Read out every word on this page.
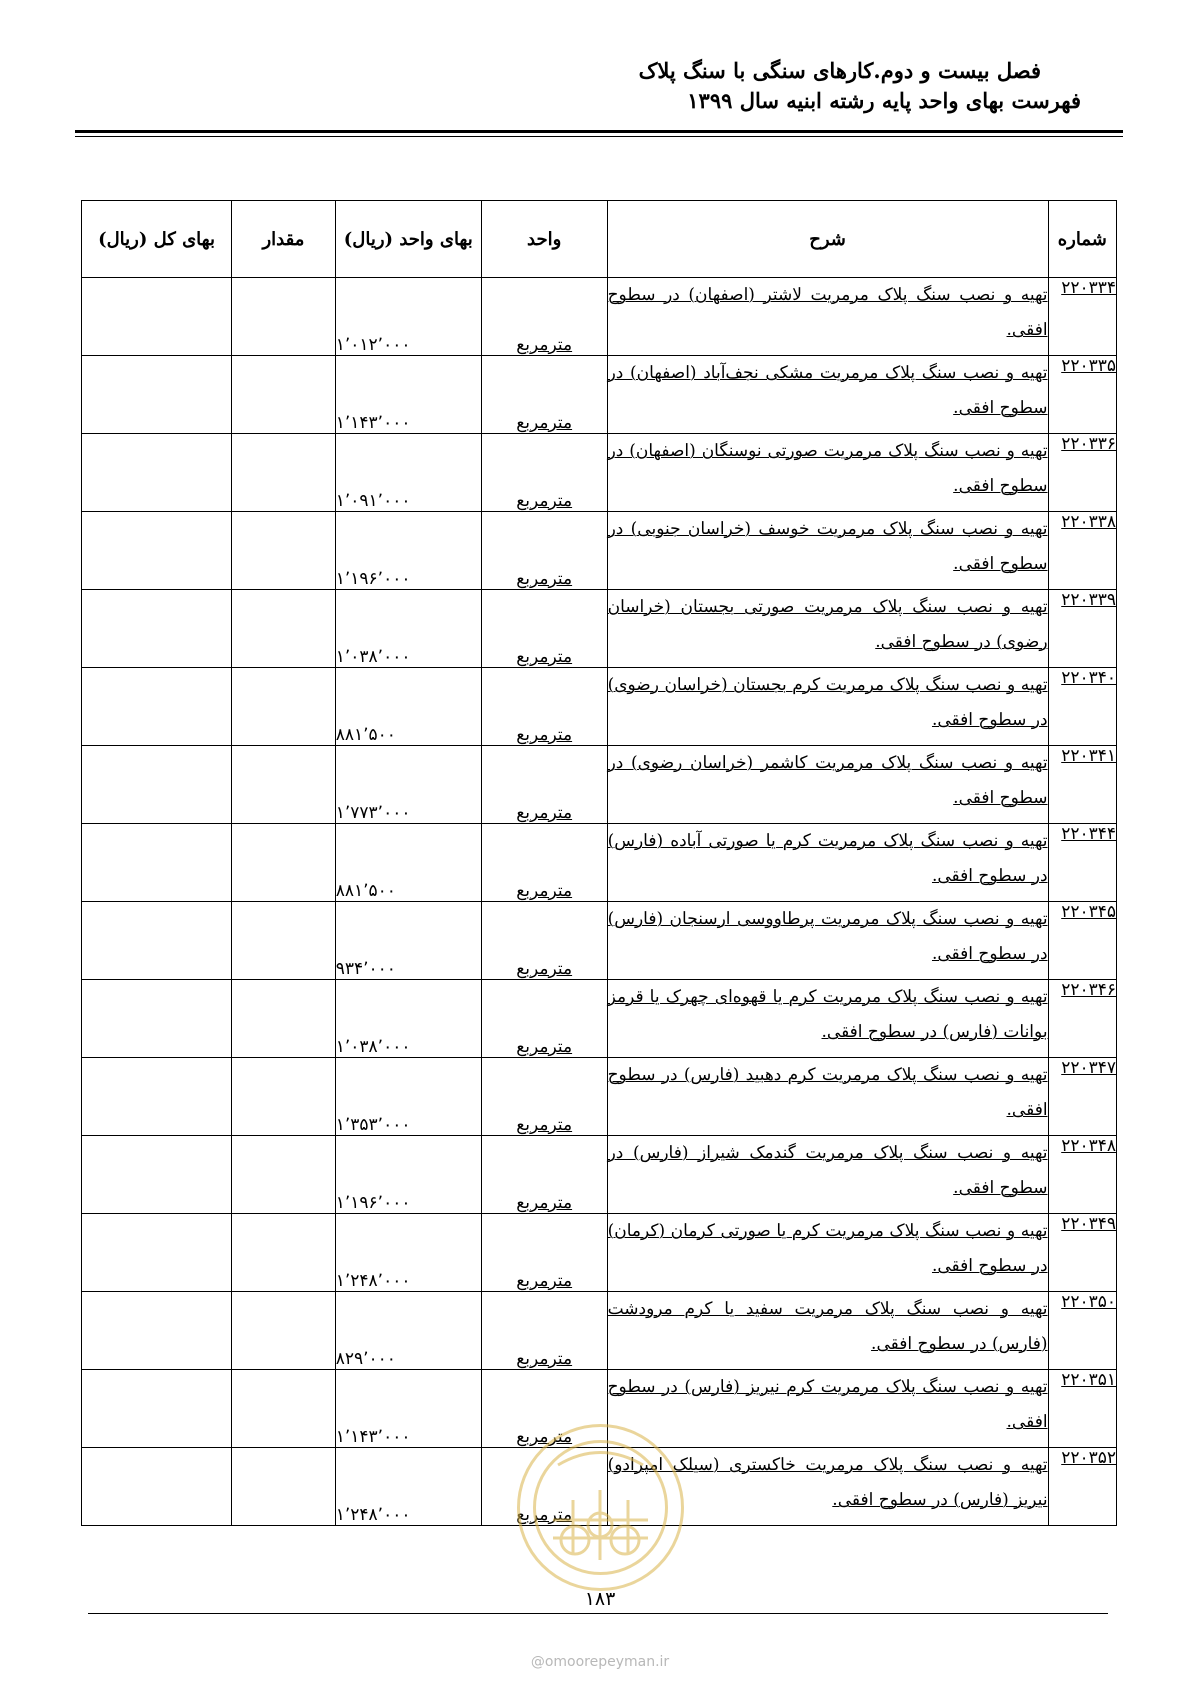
فصل بیست و دوم.کارهای سنگی با سنگ پلاک
فهرست بهای واحد پایه رشته ابنیه سال ۱۳۹۹
شماره	شرح	واحد	بهای واحد (ریال)	مقدار	بهای کل (ریال)
۲۲۰۳۳۴	تهیه و نصب سنگ پلاک مرمریت لاشتر (اصفهان) در سطوح افقی.	مترمربع	۱٬۰۱۲٬۰۰۰		
۲۲۰۳۳۵	تهیه و نصب سنگ پلاک مرمریت مشکی نجف‌آباد (اصفهان) در سطوح افقی.	مترمربع	۱٬۱۴۳٬۰۰۰		
۲۲۰۳۳۶	تهیه و نصب سنگ پلاک مرمریت صورتی نوسنگان (اصفهان) در سطوح افقی.	مترمربع	۱٬۰۹۱٬۰۰۰		
۲۲۰۳۳۸	تهیه و نصب سنگ پلاک مرمریت خوسف (خراسان جنوبی) در سطوح افقی.	مترمربع	۱٬۱۹۶٬۰۰۰		
۲۲۰۳۳۹	تهیه و نصب سنگ پلاک مرمریت صورتی بجستان (خراسان رضوی) در سطوح افقی.	مترمربع	۱٬۰۳۸٬۰۰۰		
۲۲۰۳۴۰	تهیه و نصب سنگ پلاک مرمریت کرم بجستان (خراسان رضوی) در سطوح افقی.	مترمربع	۸۸۱٬۵۰۰		
۲۲۰۳۴۱	تهیه و نصب سنگ پلاک مرمریت کاشمر (خراسان رضوی) در سطوح افقی.	مترمربع	۱٬۷۷۳٬۰۰۰		
۲۲۰۳۴۴	تهیه و نصب سنگ پلاک مرمریت کرم یا صورتی آباده (فارس) در سطوح افقی.	مترمربع	۸۸۱٬۵۰۰		
۲۲۰۳۴۵	تهیه و نصب سنگ پلاک مرمریت پرطاووسی ارسنجان (فارس) در سطوح افقی.	مترمربع	۹۳۴٬۰۰۰		
۲۲۰۳۴۶	تهیه و نصب سنگ پلاک مرمریت کرم یا قهوه‌ای چهرک یا قرمز بوانات (فارس) در سطوح افقی.	مترمربع	۱٬۰۳۸٬۰۰۰		
۲۲۰۳۴۷	تهیه و نصب سنگ پلاک مرمریت کرم دهبید (فارس) در سطوح افقی.	مترمربع	۱٬۳۵۳٬۰۰۰		
۲۲۰۳۴۸	تهیه و نصب سنگ پلاک مرمریت گندمک شیراز (فارس) در سطوح افقی.	مترمربع	۱٬۱۹۶٬۰۰۰		
۲۲۰۳۴۹	تهیه و نصب سنگ پلاک مرمریت کرم یا صورتی کرمان (کرمان) در سطوح افقی.	مترمربع	۱٬۲۴۸٬۰۰۰		
۲۲۰۳۵۰	تهیه و نصب سنگ پلاک مرمریت سفید یا کرم مرودشت (فارس) در سطوح افقی.	مترمربع	۸۲۹٬۰۰۰		
۲۲۰۳۵۱	تهیه و نصب سنگ پلاک مرمریت کرم نیریز (فارس) در سطوح افقی.	مترمربع	۱٬۱۴۳٬۰۰۰		
۲۲۰۳۵۲	تهیه و نصب سنگ پلاک مرمریت خاکستری (سیلک امپرادو) نیریز (فارس) در سطوح افقی.	مترمربع	۱٬۲۴۸٬۰۰۰		
۱۸۳
@omoorepeyman.ir
